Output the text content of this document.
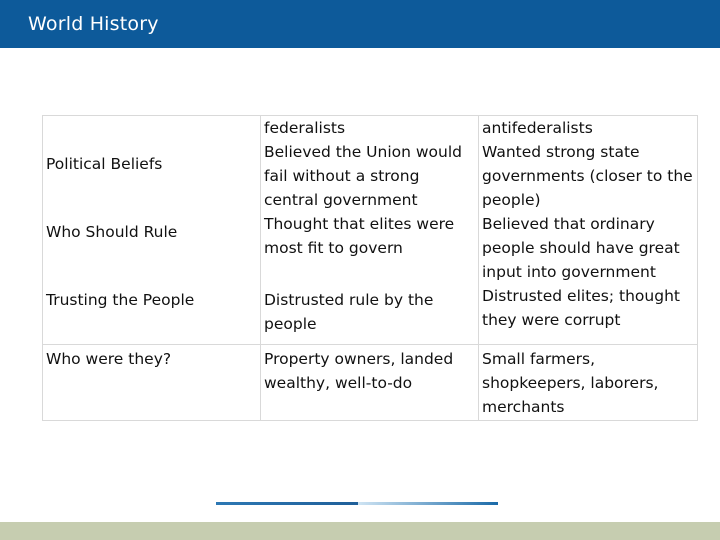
World History
Political Beliefs	federalists	antifederalists
	Believed the Union would fail without a strong central government	Wanted strong state governments (closer to the people)

Who Should Rule	Thought that elites were most fit to govern	Believed that ordinary people should have great input into government
Trusting the People	Distrusted rule by the people	Distrusted elites; thought they were corrupt
Who were they?	Property owners, landed wealthy, well-to-do	Small farmers, shopkeepers, laborers, merchants
